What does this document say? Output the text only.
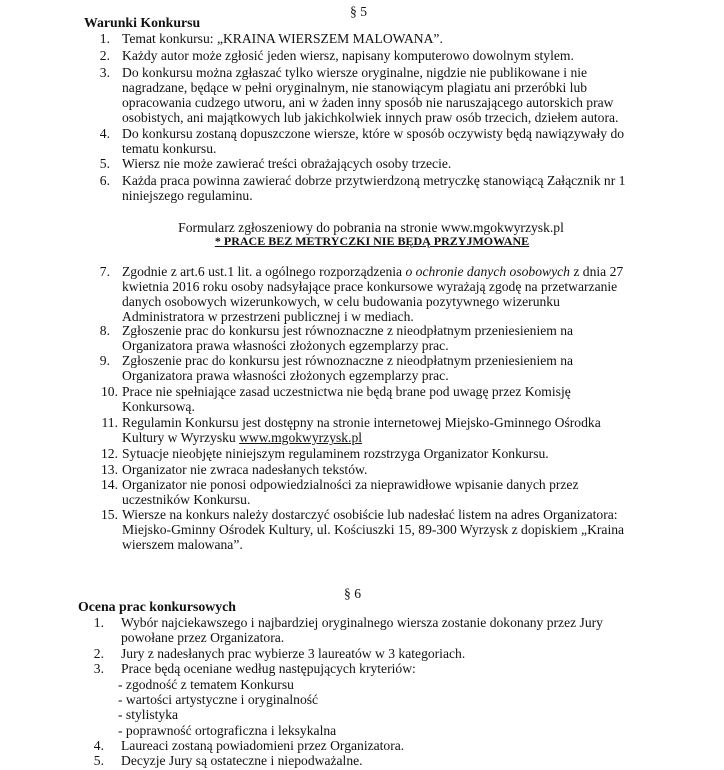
§ 5
Warunki Konkursu
1. Temat konkursu: „KRAINA WIERSZEM MALOWANA”.
2. Każdy autor może zgłosić jeden wiersz, napisany komputerowo dowolnym stylem.
3. Do konkursu można zgłaszać tylko wiersze oryginalne, nigdzie nie publikowane i nie
nagradzane, będące w pełni oryginalnym, nie stanowiącym plagiatu ani przeróbki lub
opracowania cudzego utworu, ani w żaden inny sposób nie naruszającego autorskich praw
osobistych, ani majątkowych lub jakichkolwiek innych praw osób trzecich, dziełem autora.
4. Do konkursu zostaną dopuszczone wiersze, które w sposób oczywisty będą nawiązywały do
tematu konkursu.
5. Wiersz nie może zawierać treści obrażających osoby trzecie.
6. Każda praca powinna zawierać dobrze przytwierdzoną metryczkę stanowiącą Załącznik nr 1
niniejszego regulaminu.
Formularz zgłoszeniowy do pobrania na stronie www.mgokwyrzysk.pl
* PRACE BEZ METRYCZKI NIE BĘDĄ PRZYJMOWANE
7. Zgodnie z art.6 ust.1 lit. a ogólnego rozporządzenia o ochronie danych osobowych z dnia 27
kwietnia 2016 roku osoby nadsyłające prace konkursowe wyrażają zgodę na przetwarzanie
danych osobowych wizerunkowych, w celu budowania pozytywnego wizerunku
Administratora w przestrzeni publicznej i w mediach.
8. Zgłoszenie prac do konkursu jest równoznaczne z nieodpłatnym przeniesieniem na
Organizatora prawa własności złożonych egzemplarzy prac.
9. Zgłoszenie prac do konkursu jest równoznaczne z nieodpłatnym przeniesieniem na
Organizatora prawa własności złożonych egzemplarzy prac.
10. Prace nie spełniające zasad uczestnictwa nie będą brane pod uwagę przez Komisję
Konkursową.
11. Regulamin Konkursu jest dostępny na stronie internetowej Miejsko-Gminnego Ośrodka
Kultury w Wyrzysku www.mgokwyrzysk.pl
12. Sytuacje nieobjęte niniejszym regulaminem rozstrzyga Organizator Konkursu.
13. Organizator nie zwraca nadesłanych tekstów.
14. Organizator nie ponosi odpowiedzialności za nieprawidłowe wpisanie danych przez
uczestników Konkursu.
15. Wiersze na konkurs należy dostarczyć osobiście lub nadesłać listem na adres Organizatora:
Miejsko-Gminny Ośrodek Kultury, ul. Kościuszki 15, 89-300 Wyrzysk z dopiskiem „Kraina
wierszem malowana”.
§ 6
Ocena prac konkursowych
1. Wybór najciekawszego i najbardziej oryginalnego wiersza zostanie dokonany przez Jury
powołane przez Organizatora.
2. Jury z nadesłanych prac wybierze 3 laureatów w 3 kategoriach.
3. Prace będą oceniane według następujących kryteriów:
- zgodność z tematem Konkursu
- wartości artystyczne i oryginalność
- stylistyka
- poprawność ortograficzna i leksykalna
4. Laureaci zostaną powiadomieni przez Organizatora.
5. Decyzje Jury są ostateczne i niepodważalne.
